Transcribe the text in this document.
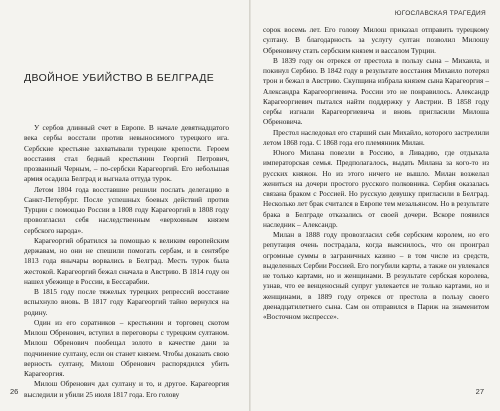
ДВОЙНОЕ УБИЙСТВО В БЕЛГРАДЕ

У сербов длинный счет в Европе. В начале девятнадцатого века сербы восстали против невыносимого турецкого ига. Сербские крестьяне захватывали турецкие крепости. Героем восстания стал бедный крестьянин Георгий Петрович, прозванный Черным, – по-сербски Карагеоргий. Его небольшая армия осадила Белград и выгнала оттуда турок.

Летом 1804 года восставшие решили послать делегацию в Санкт-Петербург. После успешных боевых действий против Турции с помощью России в 1808 году Карагеоргий в 1808 году провозгласил себя наследственным «верховным князем сербского народа».

Карагеоргий обратился за помощью к великим европейским державам, но они не спешили помогать сербам, и в сентябре 1813 года янычары ворвались в Белград. Месть турок была жестокой. Карагеоргий бежал сначала в Австрию. В 1814 году он нашел убежище в России, в Бессарабии.

В 1815 году после тяжелых турецких репрессий восстание вспыхнуло вновь. В 1817 году Карагеоргий тайно вернулся на родину.

Один из его соратников – крестьянин и торговец скотом Милош Обренович, вступил в переговоры с турецким султаном. Милош Обренович пообещал золото в качестве дани за подчинение султану, если он станет князем. Чтобы доказать свою верность султану, Милош Обренович распорядился убить Карагеоргия.

Милош Обренович дал султану и то, и другое. Карагеоргия выследили и убили 25 июля 1817 года. Его голову

26
ЮГОСЛАВСКАЯ ТРАГЕДИЯ

сорок восемь лет. Его голову Милош приказал отправить турецкому султану. В благодарность за услугу султан позволил Милошу Обреновичу стать сербским князем и вассалом Турции.

В 1839 году он отрекся от престола в пользу сына – Михаила, и покинул Сербию. В 1842 году в результате восстания Михаило потерял трон и бежал в Австрию. Скупщина избрала князем сына Карагеоргия – Александра Карагеоргиевича. России это не понравилось. Александр Карагеоргиевич пытался найти поддержку у Австрии. В 1858 году сербы изгнали Карагеоргиевича и вновь пригласили Милоша Обреновича.

Престол наследовал его старший сын Михайло, которого застрелили летом 1868 года. С 1868 года его племянник Милан.

Юного Милана повезли в Россию, в Ливадию, где отдыхала императорская семья. Предполагалось, выдать Милана за кого-то из русских княжон. Но из этого ничего не вышло. Милан возжелал жениться на дочери простого русского полковника. Сербия оказалась связана браком с Россией. Но русскую девушку пригласили в Белград. Несколько лет брак считался в Европе тем мезальянсом. Но в результате брака в Белграде отказались от своей дочери. Вскоре появился наследник – Александр.

Милан в 1888 году провозгласил себя сербским королем, но его репутация очень пострадала, когда выяснилось, что он проиграл огромные суммы в заграничных казино – в том числе из средств, выделенных Сербии Россией. Его погубили карты, а также он увлекался не только картами, но и женщинами. В результате сербская королева, узнав, что ее венценосный супруг увлекается не только картами, но и женщинами, в 1889 году отрекся от престола в пользу своего двенадцатилетнего сына. Сам он отправился в Париж на знаменитом «Восточном экспрессе».

27
